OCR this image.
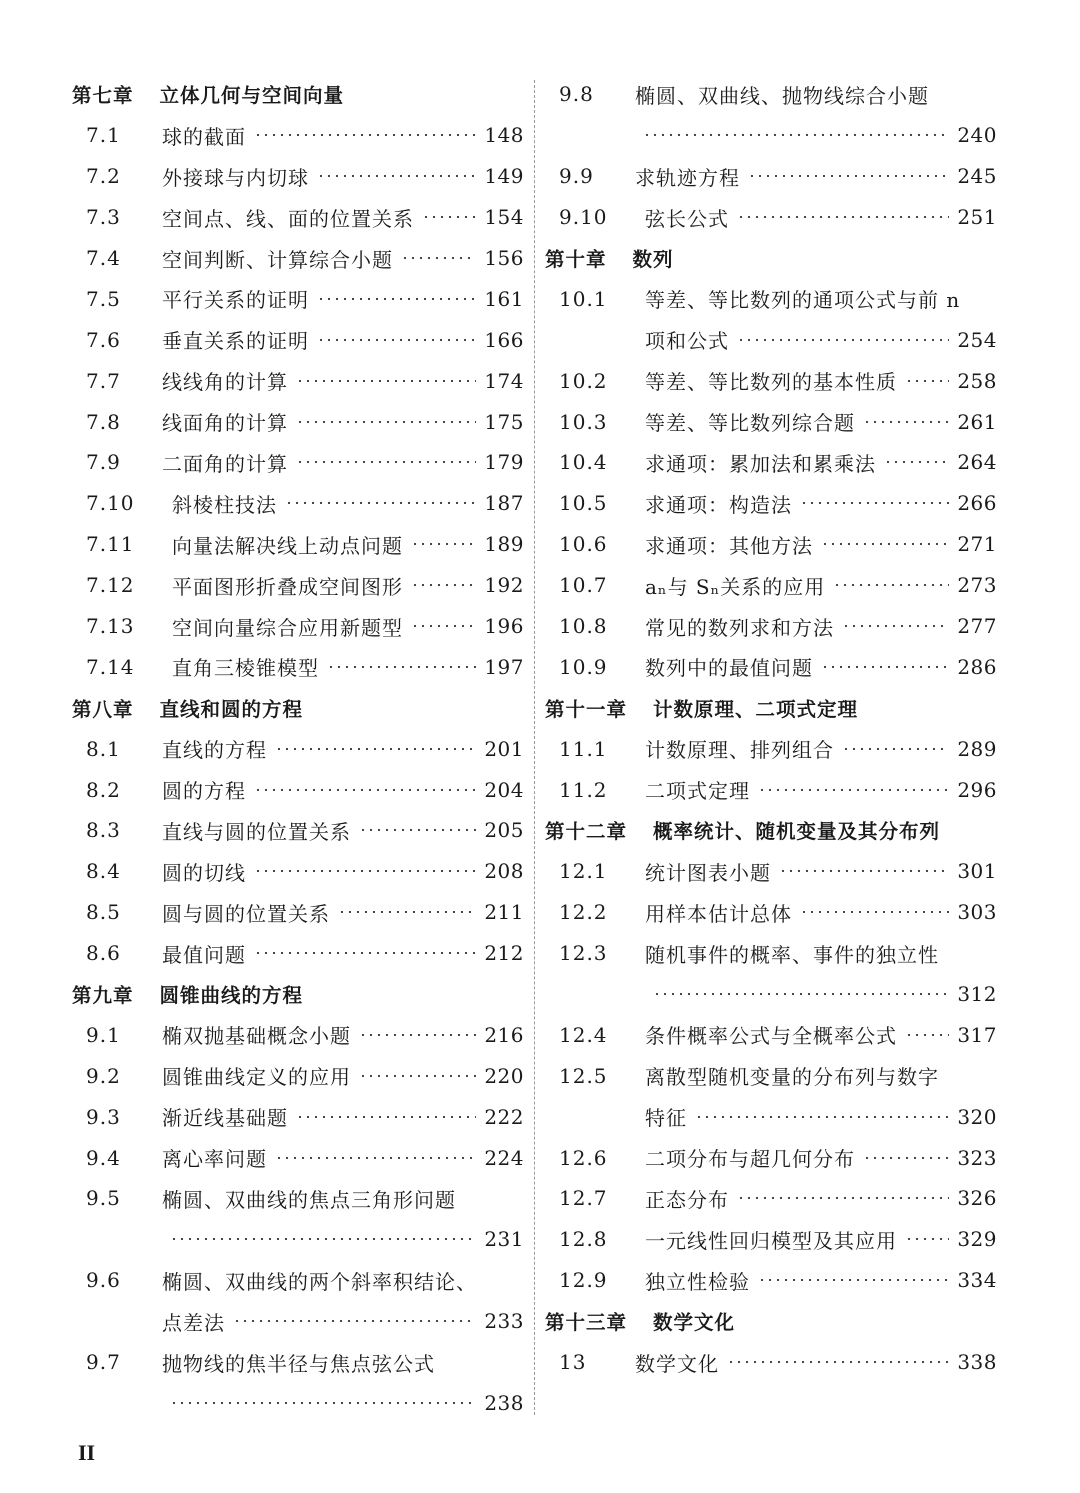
第七章 立体几何与空间向量
7.1	球的截面	148
7.2	外接球与内切球	149
7.3	空间点、线、面的位置关系	154
7.4	空间判断、计算综合小题	156
7.5	平行关系的证明	161
7.6	垂直关系的证明	166
7.7	线线角的计算	174
7.8	线面角的计算	175
7.9	二面角的计算	179
7.10	斜棱柱技法	187
7.11	向量法解决线上动点问题	189
7.12	平面图形折叠成空间图形	192
7.13	空间向量综合应用新题型	196
7.14	直角三棱锥模型	197
第八章 直线和圆的方程
8.1	直线的方程	201
8.2	圆的方程	204
8.3	直线与圆的位置关系	205
8.4	圆的切线	208
8.5	圆与圆的位置关系	211
8.6	最值问题	212
第九章 圆锥曲线的方程
9.1	椭双抛基础概念小题	216
9.2	圆锥曲线定义的应用	220
9.3	渐近线基础题	222
9.4	离心率问题	224
9.5	椭圆、双曲线的焦点三角形问题
231
9.6	椭圆、双曲线的两个斜率积结论、
点差法	233
9.7	抛物线的焦半径与焦点弦公式
238
9.8	椭圆、双曲线、抛物线综合小题
240
9.9	求轨迹方程	245
9.10	弦长公式	251
第十章 数列
10.1	等差、等比数列的通项公式与前 n
项和公式	254
10.2	等差、等比数列的基本性质	258
10.3	等差、等比数列综合题	261
10.4	求通项：累加法和累乘法	264
10.5	求通项：构造法	266
10.6	求通项：其他方法	271
10.7	aₙ与 Sₙ关系的应用	273
10.8	常见的数列求和方法	277
10.9	数列中的最值问题	286
第十一章 计数原理、二项式定理
11.1	计数原理、排列组合	289
11.2	二项式定理	296
第十二章 概率统计、随机变量及其分布列
12.1	统计图表小题	301
12.2	用样本估计总体	303
12.3	随机事件的概率、事件的独立性
312
12.4	条件概率公式与全概率公式	317
12.5	离散型随机变量的分布列与数字
特征	320
12.6	二项分布与超几何分布	323
12.7	正态分布	326
12.8	一元线性回归模型及其应用	329
12.9	独立性检验	334
第十三章 数学文化
13	数学文化	338
II
